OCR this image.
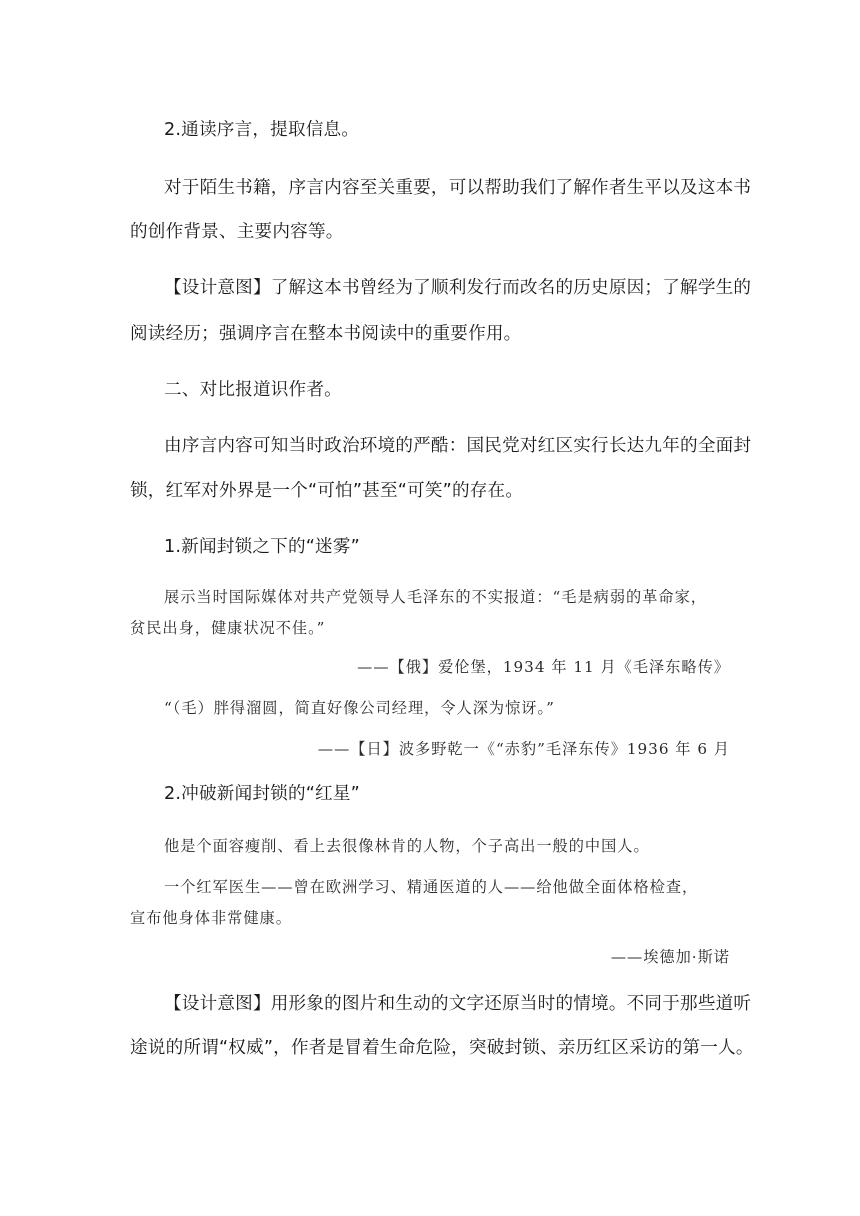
2.通读序言，提取信息。
对于陌生书籍，序言内容至关重要，可以帮助我们了解作者生平以及这本书
的创作背景、主要内容等。
【设计意图】了解这本书曾经为了顺利发行而改名的历史原因；了解学生的
阅读经历；强调序言在整本书阅读中的重要作用。
二、对比报道识作者。
由序言内容可知当时政治环境的严酷：国民党对红区实行长达九年的全面封
锁，红军对外界是一个“可怕”甚至“可笑”的存在。
1.新闻封锁之下的“迷雾”
展示当时国际媒体对共产党领导人毛泽东的不实报道：“毛是病弱的革命家，
贫民出身，健康状况不佳。”
——【俄】爱伦堡，1934 年 11 月《毛泽东略传》
“（毛）胖得溜圆，简直好像公司经理，令人深为惊讶。”
——【日】波多野乾一《“赤豹”毛泽东传》1936 年 6 月
2.冲破新闻封锁的“红星”
他是个面容瘦削、看上去很像林肯的人物，个子高出一般的中国人。
一个红军医生——曾在欧洲学习、精通医道的人——给他做全面体格检查，
宣布他身体非常健康。
——埃德加·斯诺
【设计意图】用形象的图片和生动的文字还原当时的情境。不同于那些道听
途说的所谓“权威”，作者是冒着生命危险，突破封锁、亲历红区采访的第一人。
